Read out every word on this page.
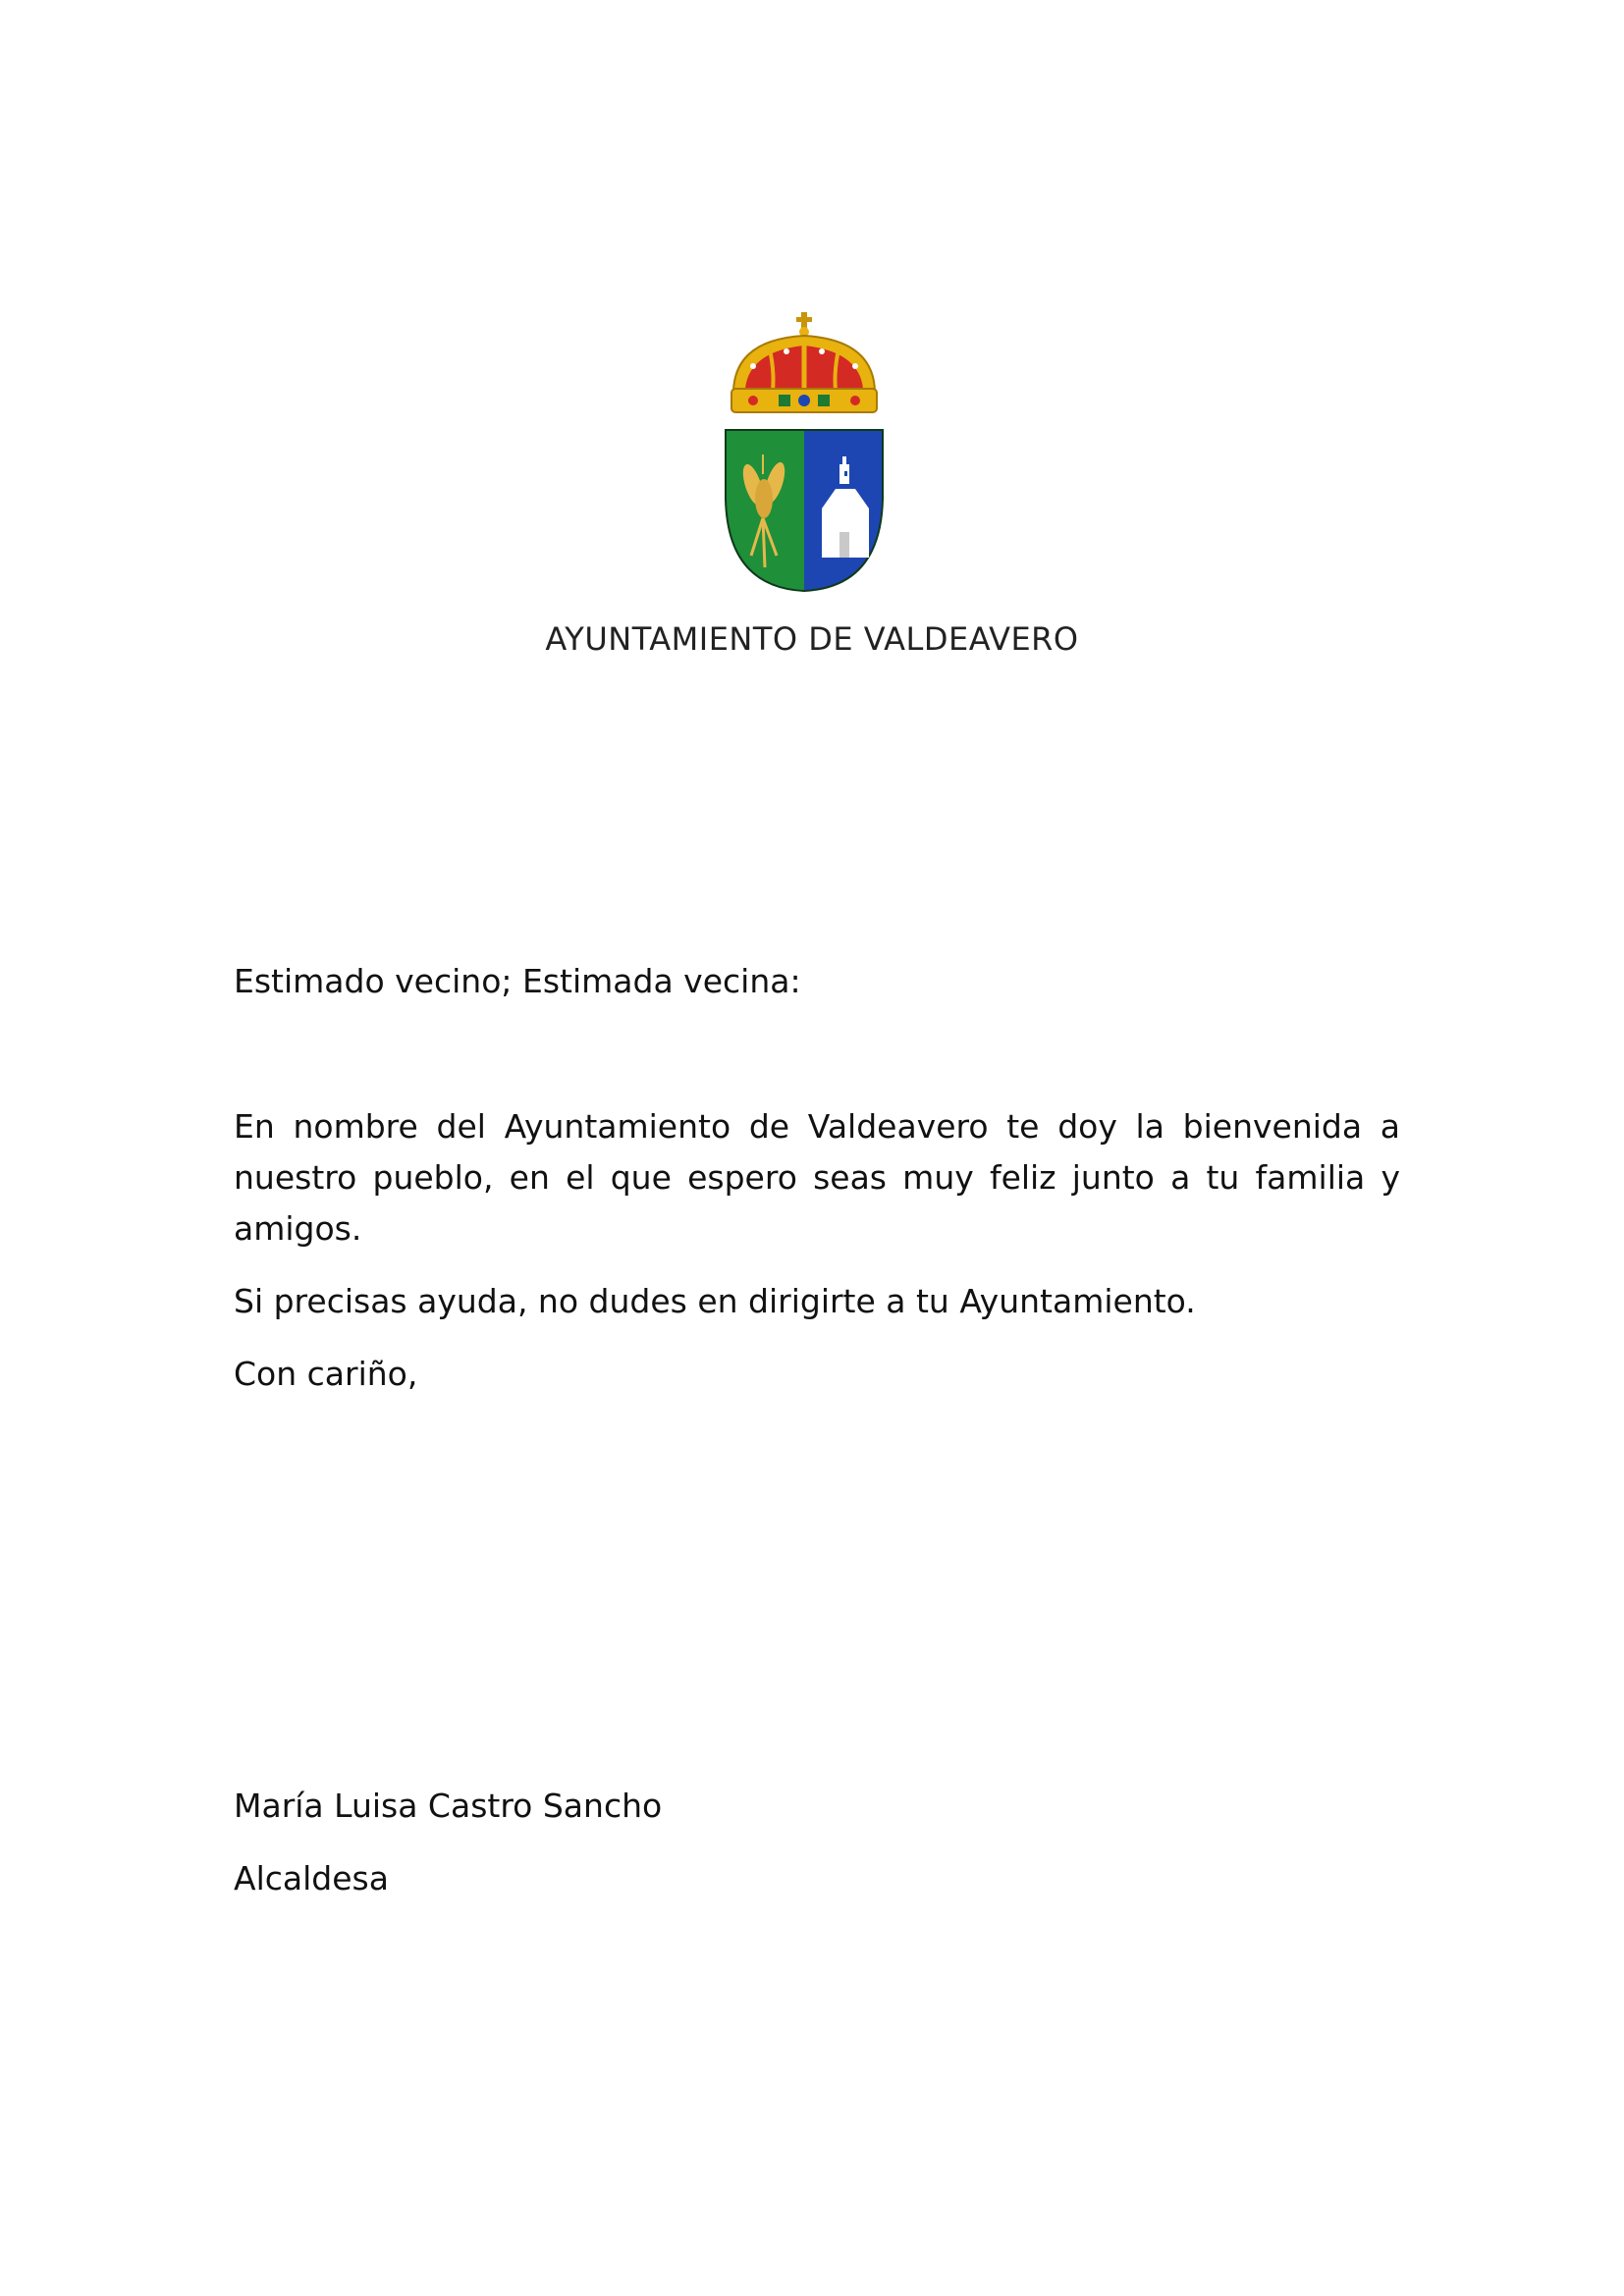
AYUNTAMIENTO DE VALDEAVERO
Estimado vecino; Estimada vecina:
En nombre del Ayuntamiento de Valdeavero te doy la bienvenida a nuestro pueblo, en el que espero seas muy feliz junto a tu familia y amigos.
Si precisas ayuda, no dudes en dirigirte a tu Ayuntamiento.
Con cariño,
María Luisa Castro Sancho
Alcaldesa
